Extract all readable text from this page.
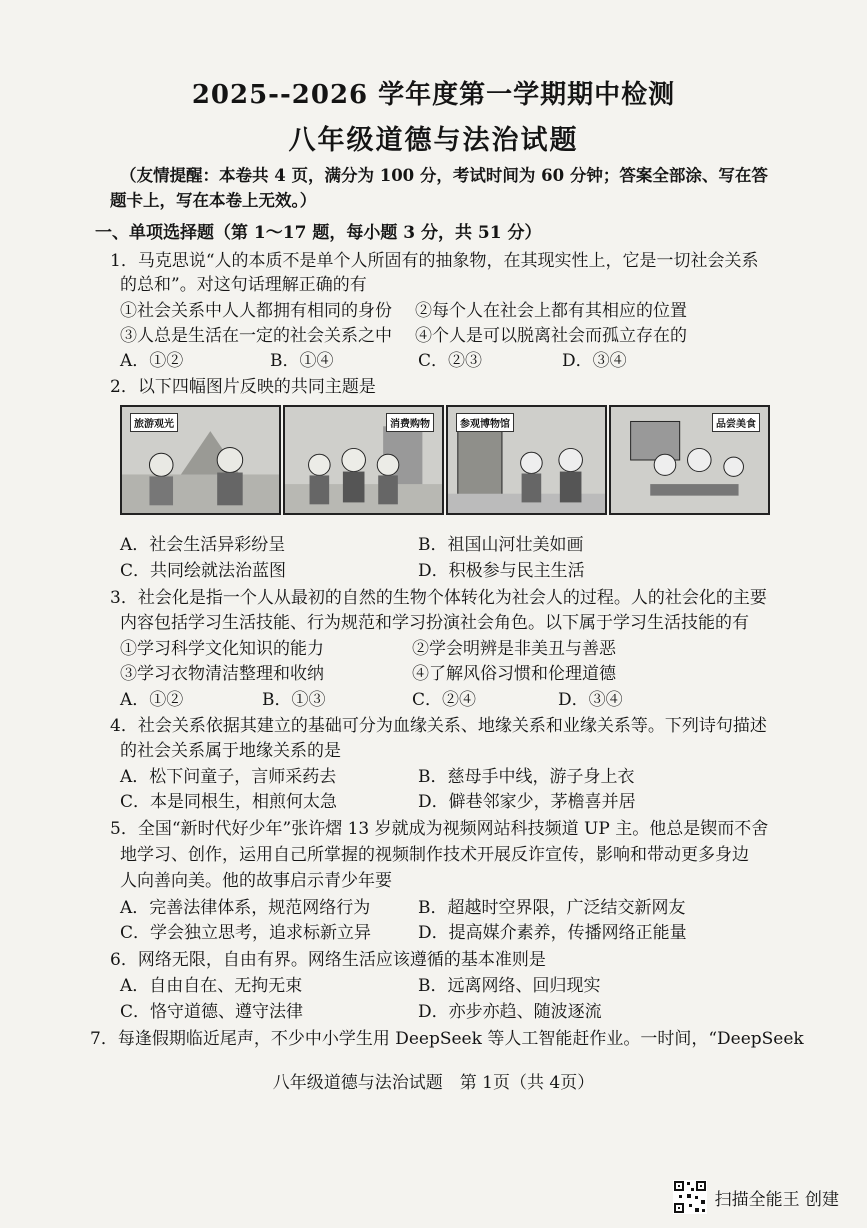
2025--2026 学年度第一学期期中检测
八年级道德与法治试题
（友情提醒：本卷共 4 页，满分为 100 分，考试时间为 60 分钟；答案全部涂、写在答题卡上，写在本卷上无效。）
一、单项选择题（第 1～17 题，每小题 3 分，共 51 分）
1．马克思说“人的本质不是单个人所固有的抽象物，在其现实性上，它是一切社会关系
的总和”。对这句话理解正确的有
①社会关系中人人都拥有相同的身份 ②每个人在社会上都有其相应的位置
③人总是生活在一定的社会关系之中 ④个人是可以脱离社会而孤立存在的
A．①②	B．①④	C．②③	D．③④
2．以下四幅图片反映的共同主题是
旅游观光	消费购物	参观博物馆	品尝美食
A．社会生活异彩纷呈	B．祖国山河壮美如画
C．共同绘就法治蓝图	D．积极参与民主生活
3．社会化是指一个人从最初的自然的生物个体转化为社会人的过程。人的社会化的主要
内容包括学习生活技能、行为规范和学习扮演社会角色。以下属于学习生活技能的有
①学习科学文化知识的能力	②学会明辨是非美丑与善恶
③学习衣物清洁整理和收纳	④了解风俗习惯和伦理道德
A．①②	B．①③	C．②④	D．③④
4．社会关系依据其建立的基础可分为血缘关系、地缘关系和业缘关系等。下列诗句描述
的社会关系属于地缘关系的是
A．松下问童子，言师采药去	B．慈母手中线，游子身上衣
C．本是同根生，相煎何太急	D．僻巷邻家少，茅檐喜并居
5．全国“新时代好少年”张许熠 13 岁就成为视频网站科技频道 UP 主。他总是锲而不舍
地学习、创作，运用自己所掌握的视频制作技术开展反诈宣传，影响和带动更多身边
人向善向美。他的故事启示青少年要
A．完善法律体系，规范网络行为	B．超越时空界限，广泛结交新网友
C．学会独立思考，追求标新立异	D．提高媒介素养，传播网络正能量
6．网络无限，自由有界。网络生活应该遵循的基本准则是
A．自由自在、无拘无束	B．远离网络、回归现实
C．恪守道德、遵守法律	D．亦步亦趋、随波逐流
7．每逢假期临近尾声，不少中小学生用 DeepSeek 等人工智能赶作业。一时间，“DeepSeek
八年级道德与法治试题　第 1页（共 4页）
扫描全能王 创建
